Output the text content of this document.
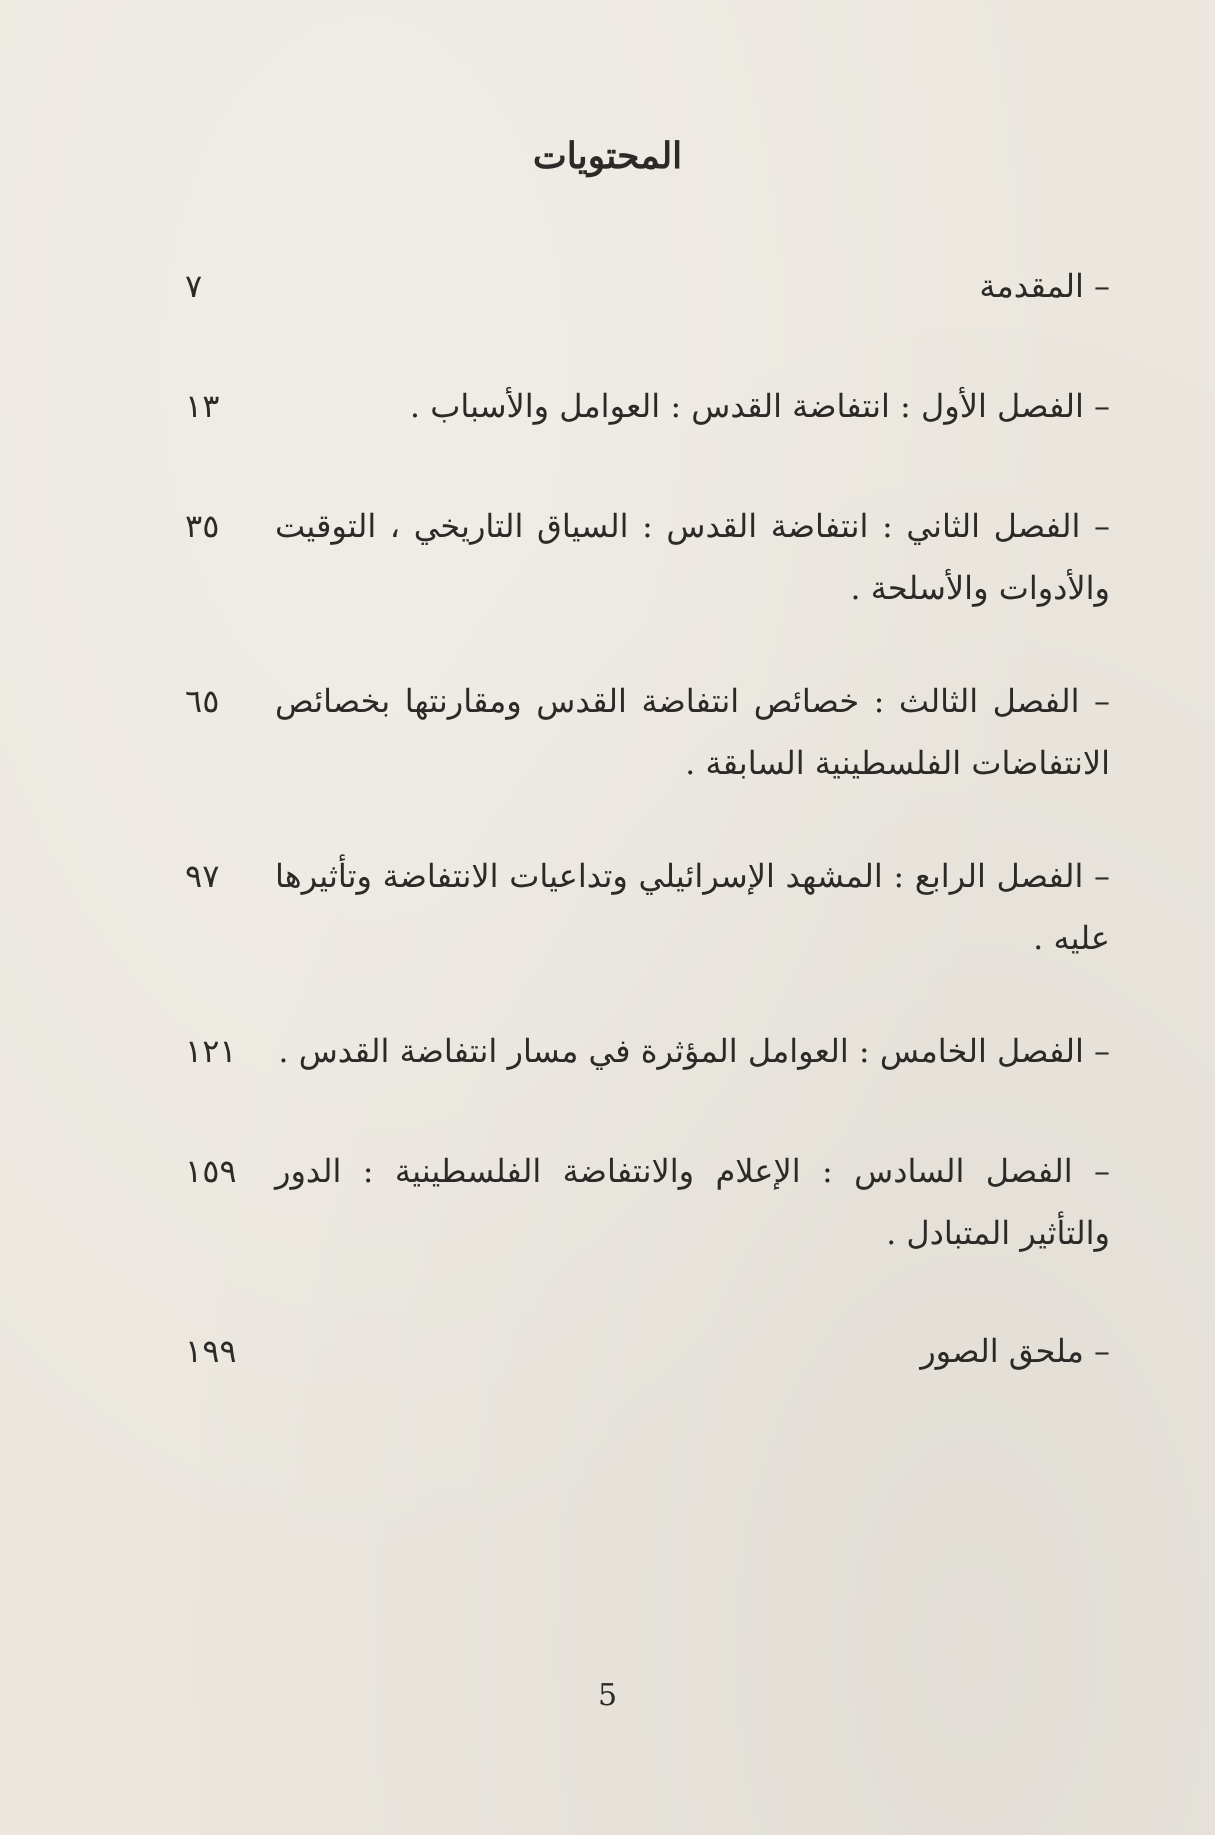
المحتويات
– المقدمة
٧
– الفصل الأول : انتفاضة القدس : العوامل والأسباب .
١٣
– الفصل الثاني : انتفاضة القدس : السياق التاريخي ، التوقيت والأدوات والأسلحة .
٣٥
– الفصل الثالث : خصائص انتفاضة القدس ومقارنتها بخصائص الانتفاضات الفلسطينية السابقة .
٦٥
– الفصل الرابع : المشهد الإسرائيلي وتداعيات الانتفاضة وتأثيرها عليه .
٩٧
– الفصل الخامس : العوامل المؤثرة في مسار انتفاضة القدس .
١٢١
– الفصل السادس : الإعلام والانتفاضة الفلسطينية : الدور والتأثير المتبادل .
١٥٩
– ملحق الصور
١٩٩
5
